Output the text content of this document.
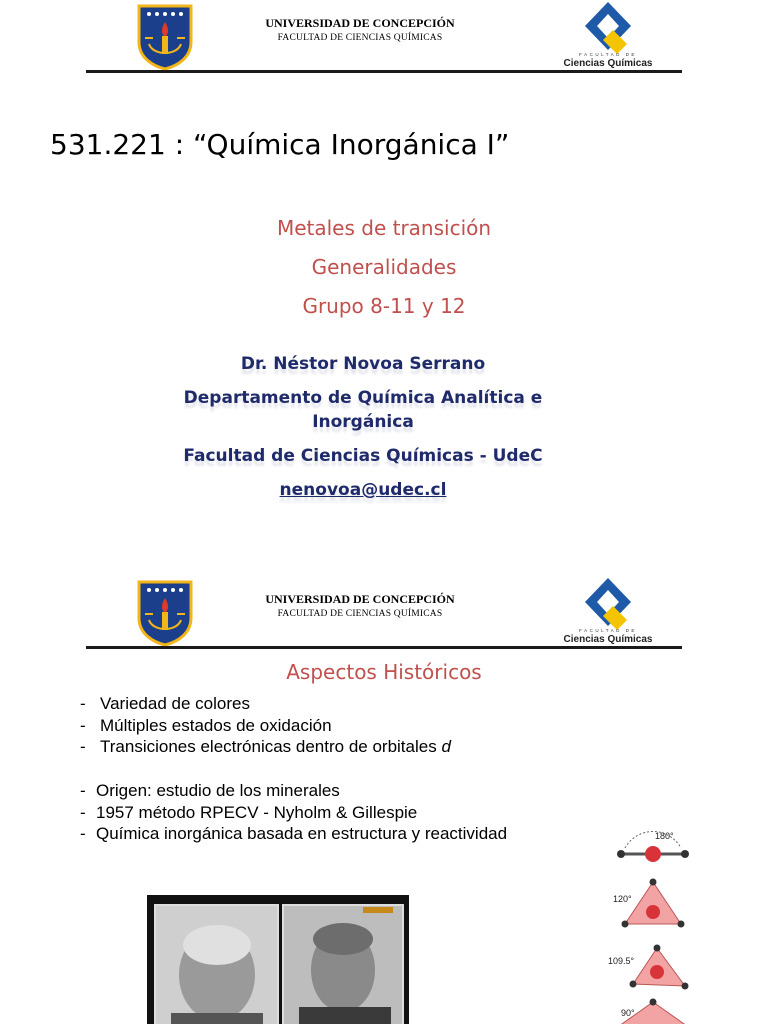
UNIVERSIDAD DE CONCEPCIÓN
FACULTAD DE CIENCIAS QUÍMICAS
FACULTAD DE
Ciencias Químicas
531.221 : “Química Inorgánica I”
Metales de transición
Generalidades
Grupo 8-11 y 12
Dr. Néstor Novoa Serrano
Departamento de Química Analítica e
Inorgánica
Facultad de Ciencias Químicas - UdeC
nenovoa@udec.cl
UNIVERSIDAD DE CONCEPCIÓN
FACULTAD DE CIENCIAS QUÍMICAS
FACULTAD DE
Ciencias Químicas
Aspectos Históricos
- Variedad de colores
- Múltiples estados de oxidación
- Transiciones electrónicas dentro de orbitales d
- Origen: estudio de los minerales
- 1957 método RPECV - Nyholm & Gillespie
- Química inorgánica basada en estructura y reactividad	180°
120°
109.5°
90°
